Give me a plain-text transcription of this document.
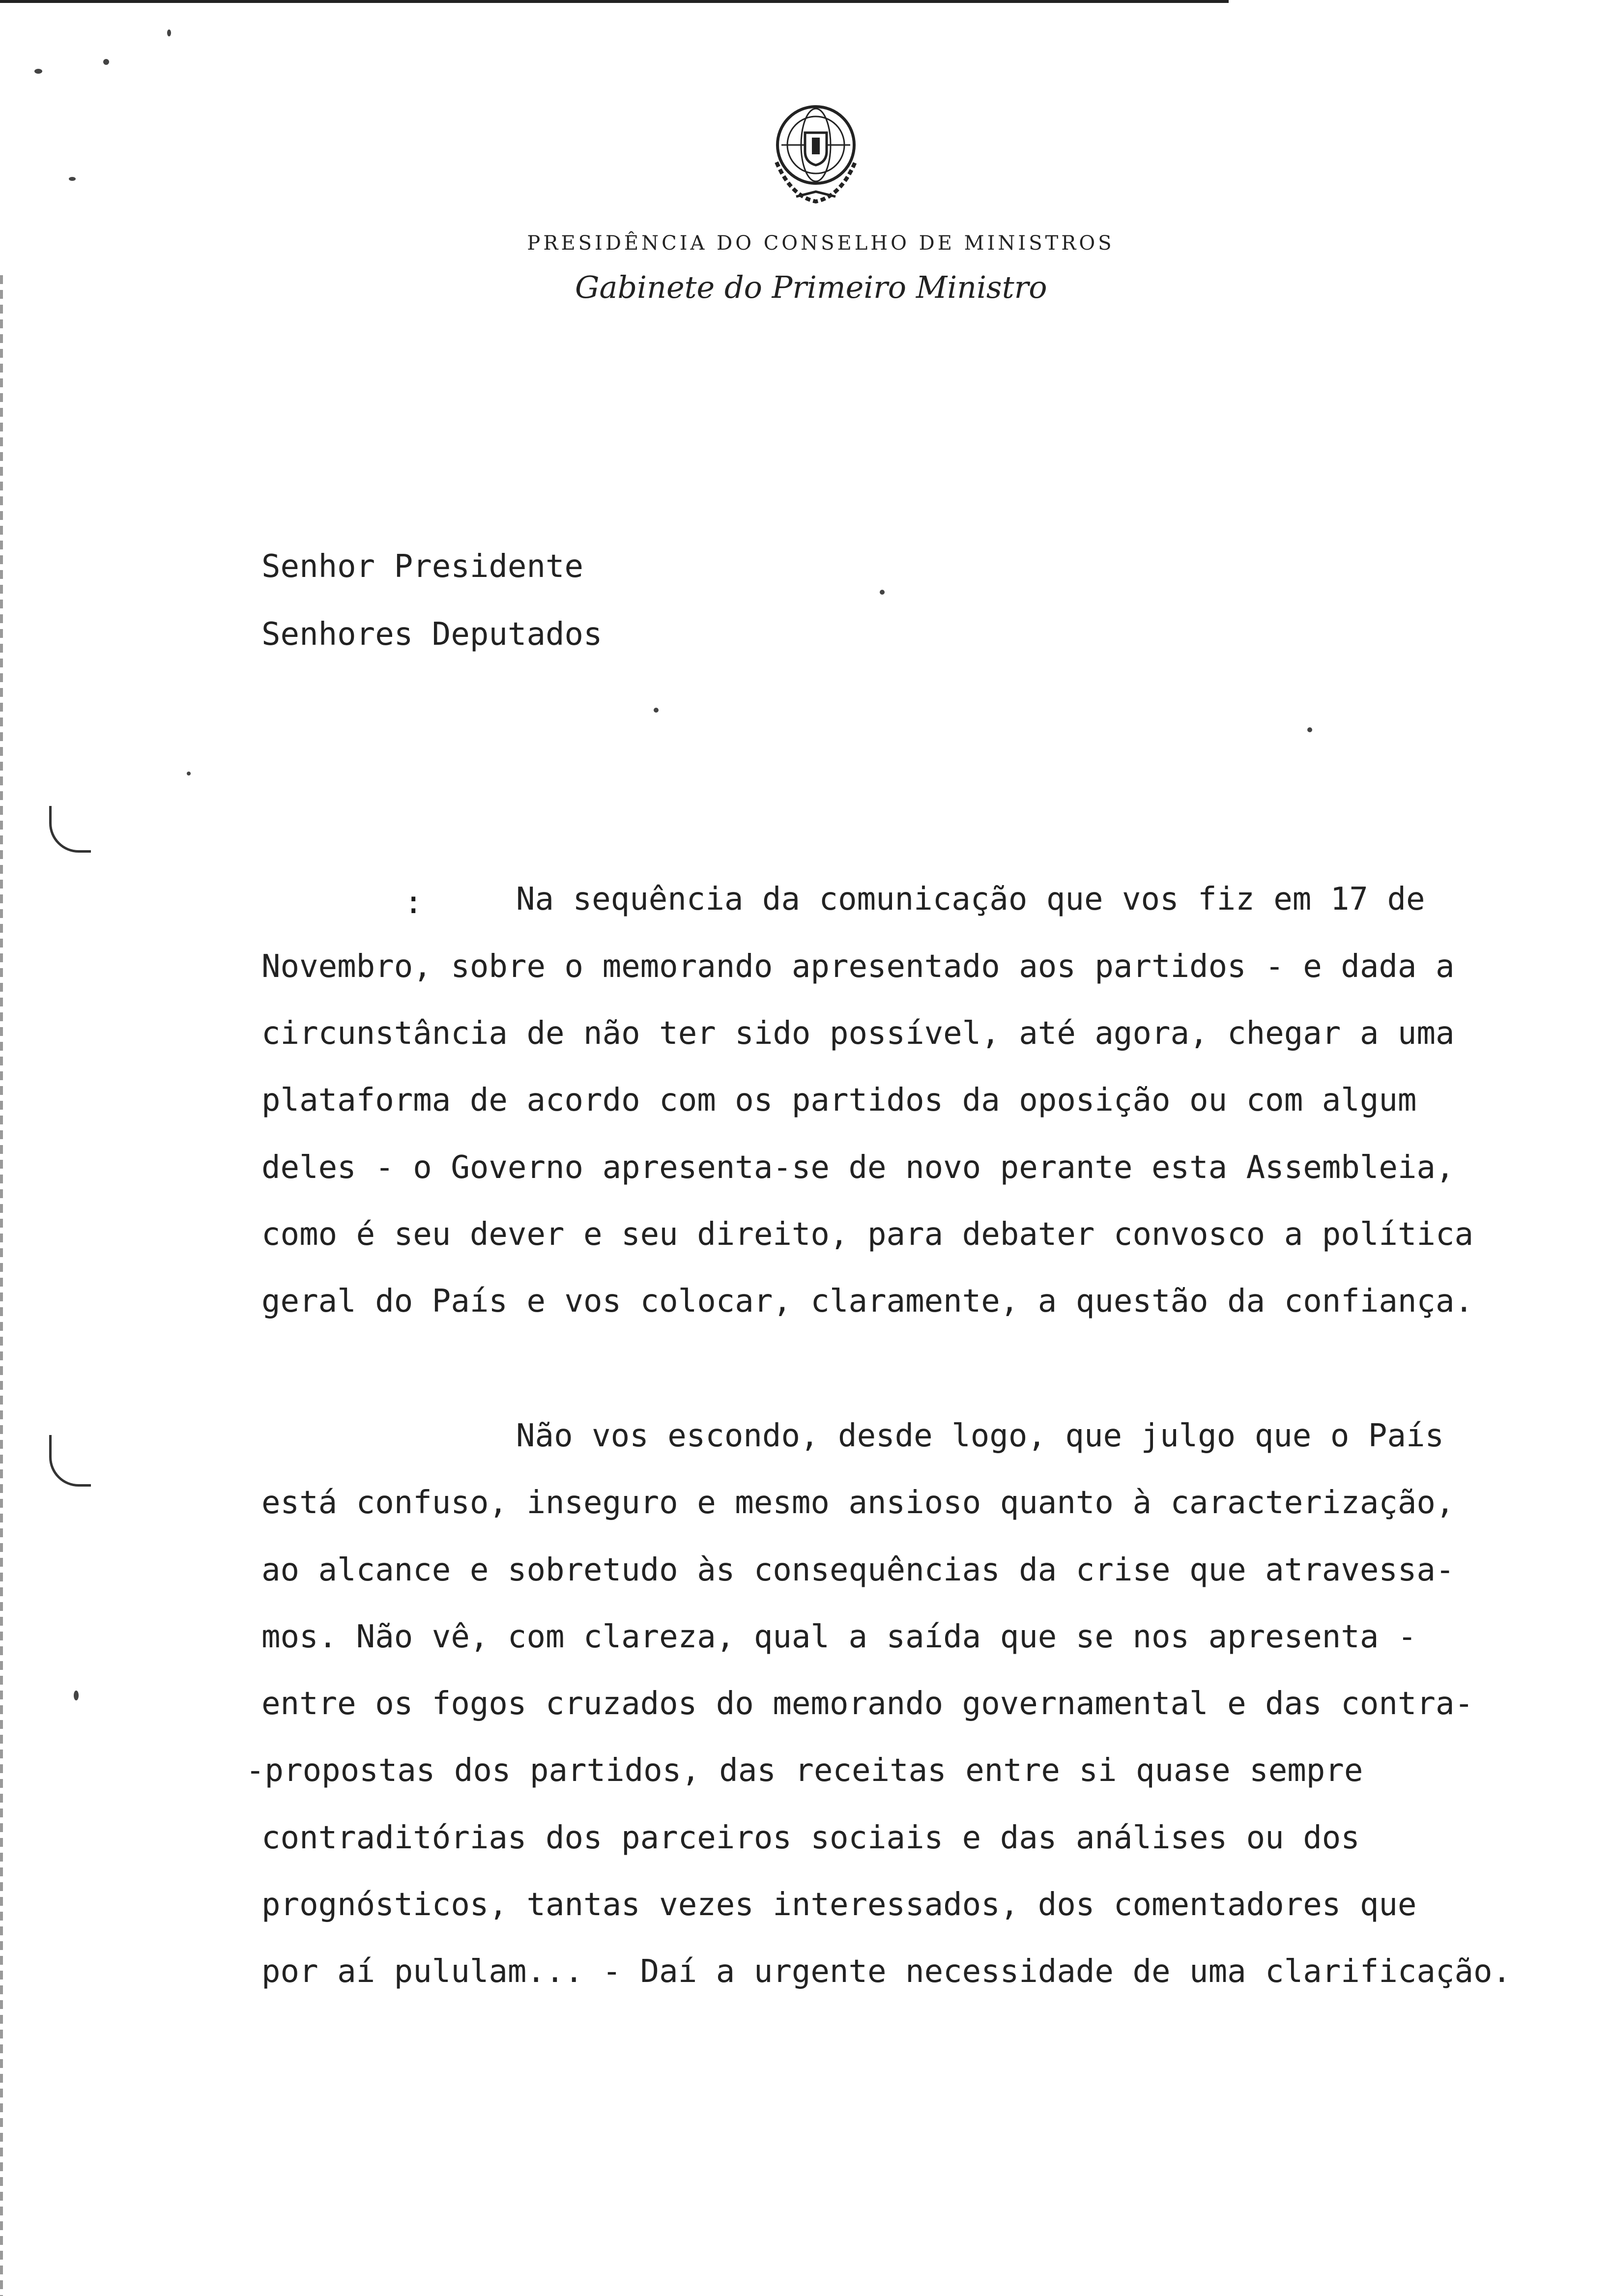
PRESIDÊNCIA DO CONSELHO DE MINISTROS
Gabinete do Primeiro Ministro
Senhor Presidente
Senhores Deputados
:	Na sequência da comunicação que vos fiz em 17 de
Novembro, sobre o memorando apresentado aos partidos - e dada a
circunstância de não ter sido possível, até agora, chegar a uma
plataforma de acordo com os partidos da oposição ou com algum
deles - o Governo apresenta-se de novo perante esta Assembleia,
como é seu dever e seu direito, para debater convosco a política
geral do País e vos colocar, claramente, a questão da confiança.
Não vos escondo, desde logo, que julgo que o País
está confuso, inseguro e mesmo ansioso quanto à caracterização,
ao alcance e sobretudo às consequências da crise que atravessa-
mos. Não vê, com clareza, qual a saída que se nos apresenta -
entre os fogos cruzados do memorando governamental e das contra-
-propostas dos partidos, das receitas entre si quase sempre
contraditórias dos parceiros sociais e das análises ou dos
prognósticos, tantas vezes interessados, dos comentadores que
por aí pululam... - Daí a urgente necessidade de uma clarificação.
